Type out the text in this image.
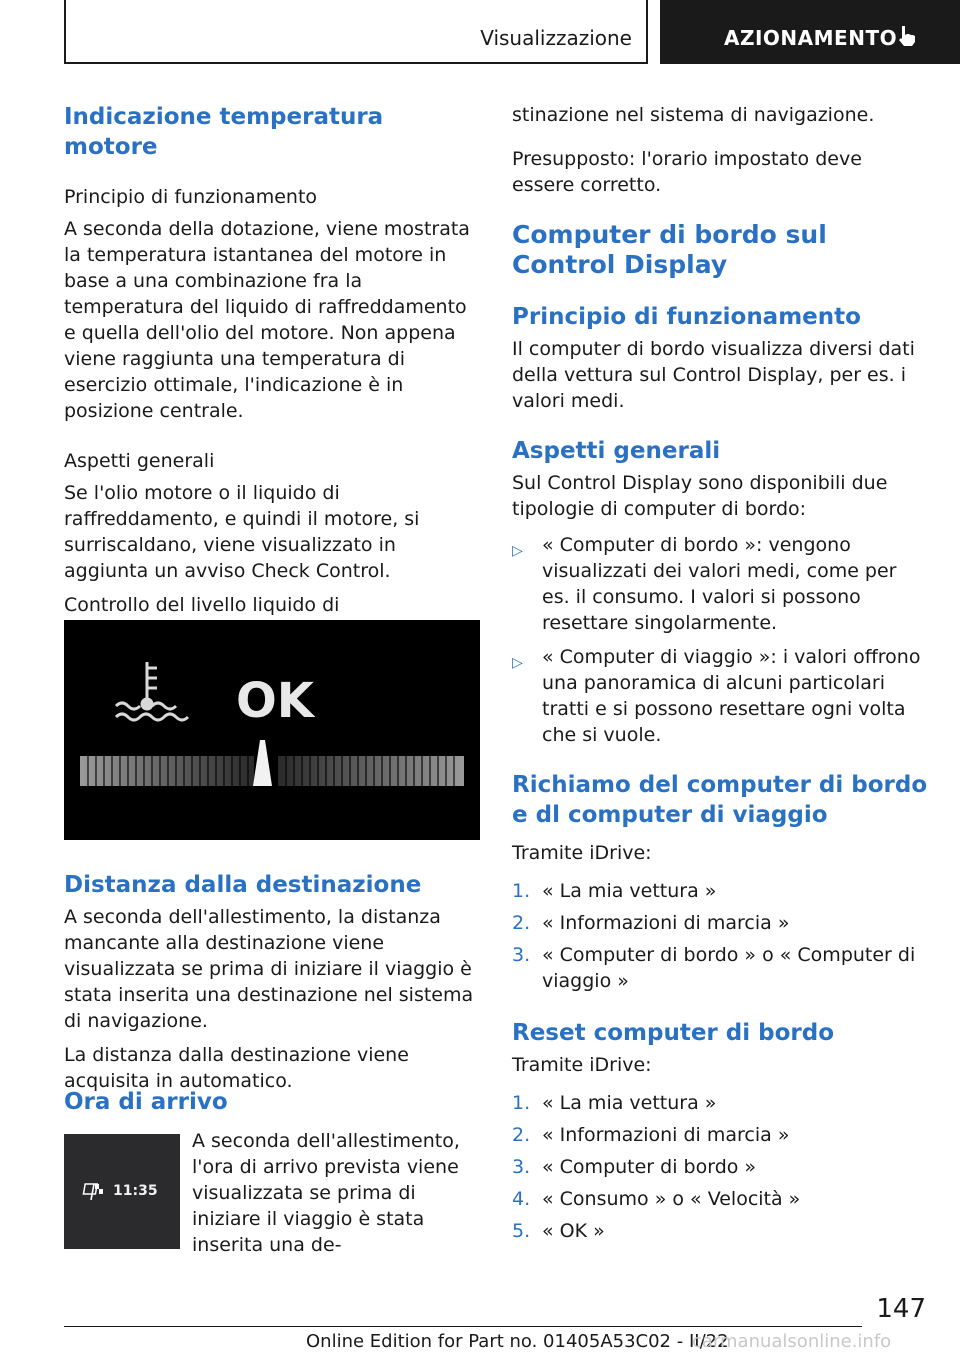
Visualizzazione	AZIONAMENTO
Indicazione temperatura motore

Principio di funzionamento

A seconda della dotazione, viene mostrata la temperatura istantanea del motore in base a una combinazione fra la temperatura del liquido di raffreddamento e quella dell'olio del motore. Non appena viene raggiunta una temperatura di esercizio ottimale, l'indicazione è in posizione centrale.

Aspetti generali

Se l'olio motore o il liquido di raffreddamento, e quindi il motore, si surriscaldano, viene visualizzato in aggiunta un avviso Check Control.

Controllo del livello liquido di

OK
Distanza dalla destinazione

A seconda dell'allestimento, la distanza mancante alla destinazione viene visualizzata se prima di iniziare il viaggio è stata inserita una destinazione nel sistema di navigazione.

La distanza dalla destinazione viene acquisita in automatico.

Ora di arrivo
11:35

A seconda dell'allestimento, l'ora di arrivo prevista viene visualizzata se prima di iniziare il viaggio è stata inserita una de-

stinazione nel sistema di navigazione.

Presupposto: l'orario impostato deve essere corretto.

Computer di bordo sul Control Display
Principio di funzionamento

Il computer di bordo visualizza diversi dati della vettura sul Control Display, per es. i valori medi.

Aspetti generali

Sul Control Display sono disponibili due tipologie di computer di bordo:

▷ « Computer di bordo »: vengono visualizzati dei valori medi, come per es. il consumo. I valori si possono resettare singolarmente.
▷ « Computer di viaggio »: i valori offrono una panoramica di alcuni particolari tratti e si possono resettare ogni volta che si vuole.
Richiamo del computer di bordo e dl computer di viaggio

Tramite iDrive:

1. « La mia vettura »
2. « Informazioni di marcia »
3. « Computer di bordo » o « Computer di viaggio »
Reset computer di bordo

Tramite iDrive:

1. « La mia vettura »
2. « Informazioni di marcia »
3. « Computer di bordo »
4. « Consumo » o « Velocità »
5. « OK »
147
Online Edition for Part no. 01405A53C02 - II/22
carmanualsonline.info
